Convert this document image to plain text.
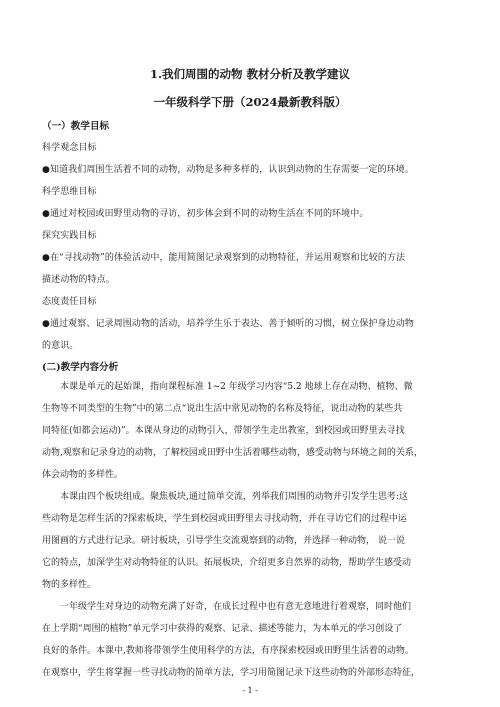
1.我们周围的动物 教材分析及教学建议
一年级科学下册（2024最新教科版）
（一）教学目标
科学观念目标
●知道我们周围生活着不同的动物，动物是多种多样的，认识到动物的生存需要一定的环境。
科学思维目标
●通过对校园或田野里动物的寻访，初步体会到不同的动物生活在不同的环境中。
探究实践目标
●在“寻找动物”的体验活动中，能用简图记录观察到的动物特征，并运用观察和比较的方法
描述动物的特点。
态度责任目标
●通过观察、记录周围动物的活动，培养学生乐于表达、善于倾听的习惯，树立保护身边动物
的意识。
(二)教学内容分析
本课是单元的起始课，指向课程标准 1~2 年级学习内容“5.2 地球上存在动物、植物、微
生物等不同类型的生物”中的第二点“说出生活中常见动物的名称及特征，说出动物的某些共
同特征(如都会运动)”。本课从身边的动物引入，带领学生走出教室，到校园或田野里去寻找
动物,观察和记录身边的动物，了解校园或田野中生活着哪些动物，感受动物与环境之间的关系，
体会动物的多样性。
本课由四个板块组成。聚焦板块,通过简单交流，列举我们周围的动物并引发学生思考:这
些动物是怎样生活的?探索板块，学生到校园或田野里去寻找动物，并在寻访它们的过程中运
用图画的方式进行记录。研讨板块，引导学生交流观察到的动物，并选择一种动物， 说一说
它的特点，加深学生对动物特征的认识。拓展板块，介绍更多自然界的动物，帮助学生感受动
物的多样性。
一年级学生对身边的动物充满了好奇，在成长过程中也有意无意地进行着观察，同时他们
在上学期“周围的植物”单元学习中获得的观察、记录、描述等能力，为本单元的学习创设了
良好的条件。本课中,教师将带领学生使用科学的方法，有序探索校园或田野里生活着的动物。
在观察中，学生将掌握一些寻找动物的简单方法，学习用简图记录下这些动物的外部形态特征，
- 1 -
